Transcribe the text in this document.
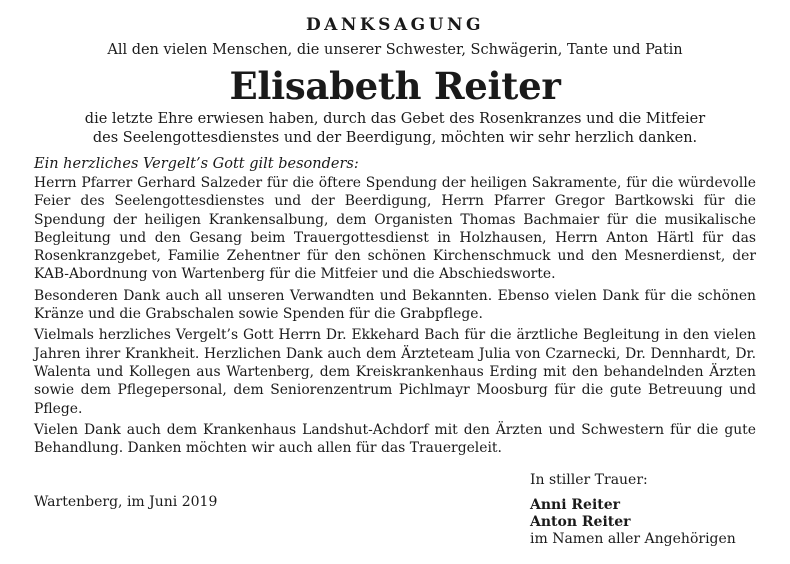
DANKSAGUNG

All den vielen Menschen, die unserer Schwester, Schwägerin, Tante und Patin

Elisabeth Reiter

die letzte Ehre erwiesen haben, durch das Gebet des Rosenkranzes und die Mitfeier
des Seelengottesdienstes und der Beerdigung, möchten wir sehr herzlich danken.

Ein herzliches Vergelt’s Gott gilt besonders:

Herrn Pfarrer Gerhard Salzeder für die öftere Spendung der heiligen Sakramente, für die würdevolle Feier des Seelengottesdienstes und der Beerdigung, Herrn Pfarrer Gregor Bartkowski für die Spendung der heiligen Krankensalbung, dem Organisten Thomas Bachmaier für die musikalische Begleitung und den Gesang beim Trauergottesdienst in Holzhausen, Herrn Anton Härtl für das Rosenkranzgebet, Familie Zehentner für den schönen Kirchenschmuck und den Mesnerdienst, der KAB-Abordnung von Wartenberg für die Mitfeier und die Abschiedsworte.

Besonderen Dank auch all unseren Verwandten und Bekannten. Ebenso vielen Dank für die schönen Kränze und die Grabschalen sowie Spenden für die Grabpflege.

Vielmals herzliches Vergelt’s Gott Herrn Dr. Ekkehard Bach für die ärztliche Begleitung in den vielen Jahren ihrer Krankheit. Herzlichen Dank auch dem Ärzteteam Julia von Czarnecki, Dr. Dennhardt, Dr. Walenta und Kollegen aus Wartenberg, dem Kreiskrankenhaus Erding mit den behandelnden Ärzten sowie dem Pflegepersonal, dem Seniorenzentrum Pichlmayr Moosburg für die gute Betreuung und Pflege.

Vielen Dank auch dem Krankenhaus Landshut-Achdorf mit den Ärzten und Schwestern für die gute Behandlung. Danken möchten wir auch allen für das Trauergeleit.

Wartenberg, im Juni 2019
In stiller Trauer:
Anni Reiter
Anton Reiter
im Namen aller Angehörigen
